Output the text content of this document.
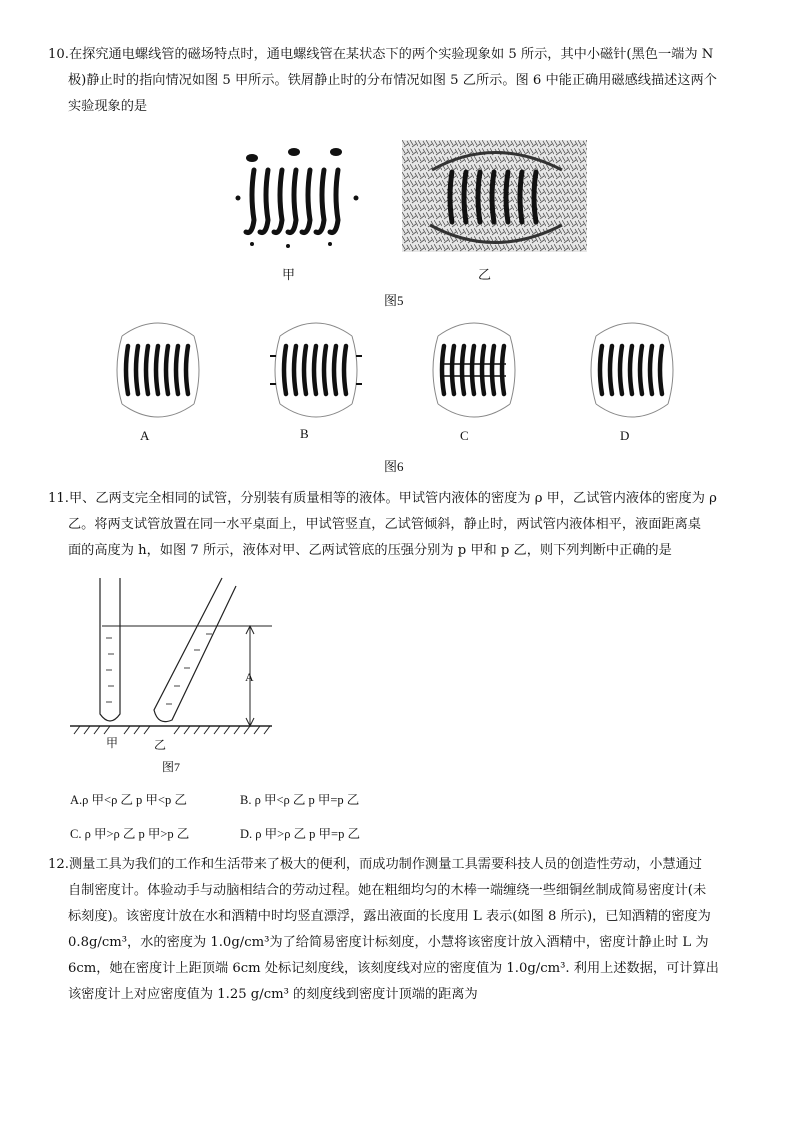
10.在探究通电螺线管的磁场特点时，通电螺线管在某状态下的两个实验现象如 5 所示，其中小磁针(黑色一端为 N

极)静止时的指向情况如图 5 甲所示。铁屑静止时的分布情况如图 5 乙所示。图 6 中能正确用磁感线描述这两个

实验现象的是

甲	乙
图5
A	B	C	D
图6

11.甲、乙两支完全相同的试管，分别装有质量相等的液体。甲试管内液体的密度为 ρ 甲，乙试管内液体的密度为 ρ

乙。将两支试管放置在同一水平桌面上，甲试管竖直，乙试管倾斜，静止时，两试管内液体相平，液面距离桌

面的高度为 h，如图 7 所示，液体对甲、乙两试管底的压强分别为 p 甲和 p 乙，则下列判断中正确的是

A
甲	乙
图7
A.ρ 甲<ρ 乙 p 甲<p 乙	B. ρ 甲<ρ 乙 p 甲=p 乙
C. ρ 甲>ρ 乙 p 甲>p 乙	D. ρ 甲>ρ 乙 p 甲=p 乙

12.测量工具为我们的工作和生活带来了极大的便利，而成功制作测量工具需要科技人员的创造性劳动，小慧通过

自制密度计。体验动手与动脑相结合的劳动过程。她在粗细均匀的木棒一端缠绕一些细铜丝制成简易密度计(未

标刻度)。该密度计放在水和酒精中时均竖直漂浮，露出液面的长度用 L 表示(如图 8 所示)，已知酒精的密度为

0.8g/cm³，水的密度为 1.0g/cm³为了给简易密度计标刻度，小慧将该密度计放入酒精中，密度计静止时 L 为

6cm，她在密度计上距顶端 6cm 处标记刻度线，该刻度线对应的密度值为 1.0g/cm³. 利用上述数据，可计算出

该密度计上对应密度值为 1.25 g/cm³ 的刻度线到密度计顶端的距离为
